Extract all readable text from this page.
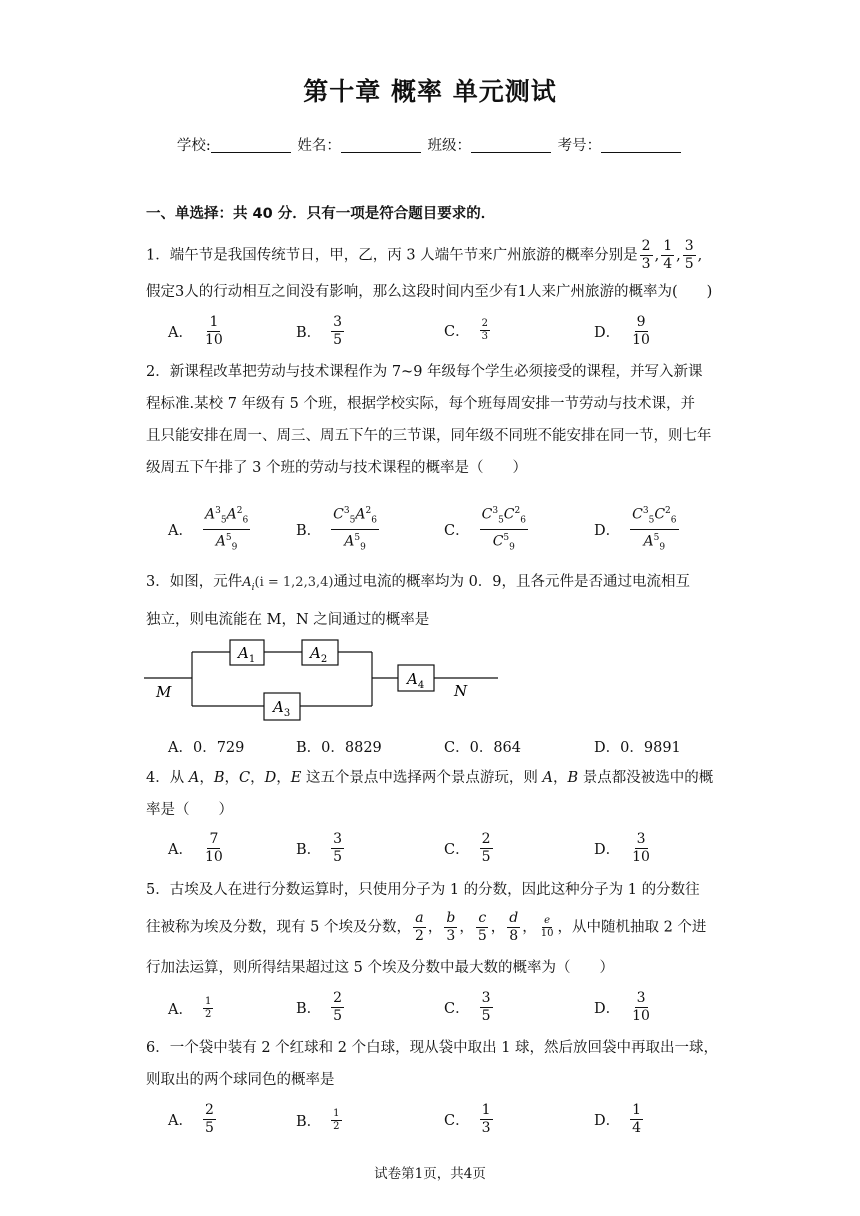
第十章 概率 单元测试
学校:	姓名：	班级：	考号：
一、单选择：共 40 分．只有一项是符合题目要求的．
1．端午节是我国传统节日，甲，乙，丙 3 人端午节来广州旅游的概率分别是 $\frac{2}{3}$ , $\frac{1}{4}$ , $\frac{3}{5}$ ,
假定3人的行动相互之间没有影响，那么这段时间内至少有1人来广州旅游的概率为(　　)
A． $\frac{1}{10}$	B． $\frac{3}{5}$	C． $\frac{2}{3}$	D． $\frac{9}{10}$
2．新课程改革把劳动与技术课程作为 7~9 年级每个学生必须接受的课程，并写入新课
程标准.某校 7 年级有 5 个班，根据学校实际，每个班每周安排一节劳动与技术课，并
且只能安排在周一、周三、周五下午的三节课，同年级不同班不能安排在同一节，则七年
级周五下午排了 3 个班的劳动与技术课程的概率是（　　）
A． $\frac{A^3_5A^2_6}{A^5_9}$	B． $\frac{C^3_5A^2_6}{A^5_9}$	C． $\frac{C^3_5C^2_6}{C^5_9}$	D． $\frac{C^3_5C^2_6}{A^5_9}$
3．如图，元件$A_i(i = 1,2,3,4)$通过电流的概率均为 0．9，且各元件是否通过电流相互
独立，则电流能在 M，N 之间通过的概率是
M	N
$A_1$	$A_2$
$A_3$
$A_4$
A． 0．729	B． 0．8829	C． 0．864	D． 0．9891
4．从 A，B，C，D，E 这五个景点中选择两个景点游玩，则 A，B 景点都没被选中的概
率是（　　）
A． $\frac{7}{10}$	B． $\frac{3}{5}$	C． $\frac{2}{5}$	D． $\frac{3}{10}$
5．古埃及人在进行分数运算时，只使用分子为 1 的分数，因此这种分子为 1 的分数往
往被称为埃及分数，现有 5 个埃及分数， $\frac{a}{2}$ ， $\frac{b}{3}$ ， $\frac{c}{5}$ ， $\frac{d}{8}$ ， $\frac{e}{10}$ ，从中随机抽取 2 个进
行加法运算，则所得结果超过这 5 个埃及分数中最大数的概率为（　　）
A． $\frac{1}{2}$	B． $\frac{2}{5}$	C． $\frac{3}{5}$	D． $\frac{3}{10}$
6．一个袋中装有 2 个红球和 2 个白球，现从袋中取出 1 球，然后放回袋中再取出一球，
则取出的两个球同色的概率是
A． $\frac{2}{5}$	B． $\frac{1}{2}$	C． $\frac{1}{3}$	D． $\frac{1}{4}$
试卷第1页，共4页
